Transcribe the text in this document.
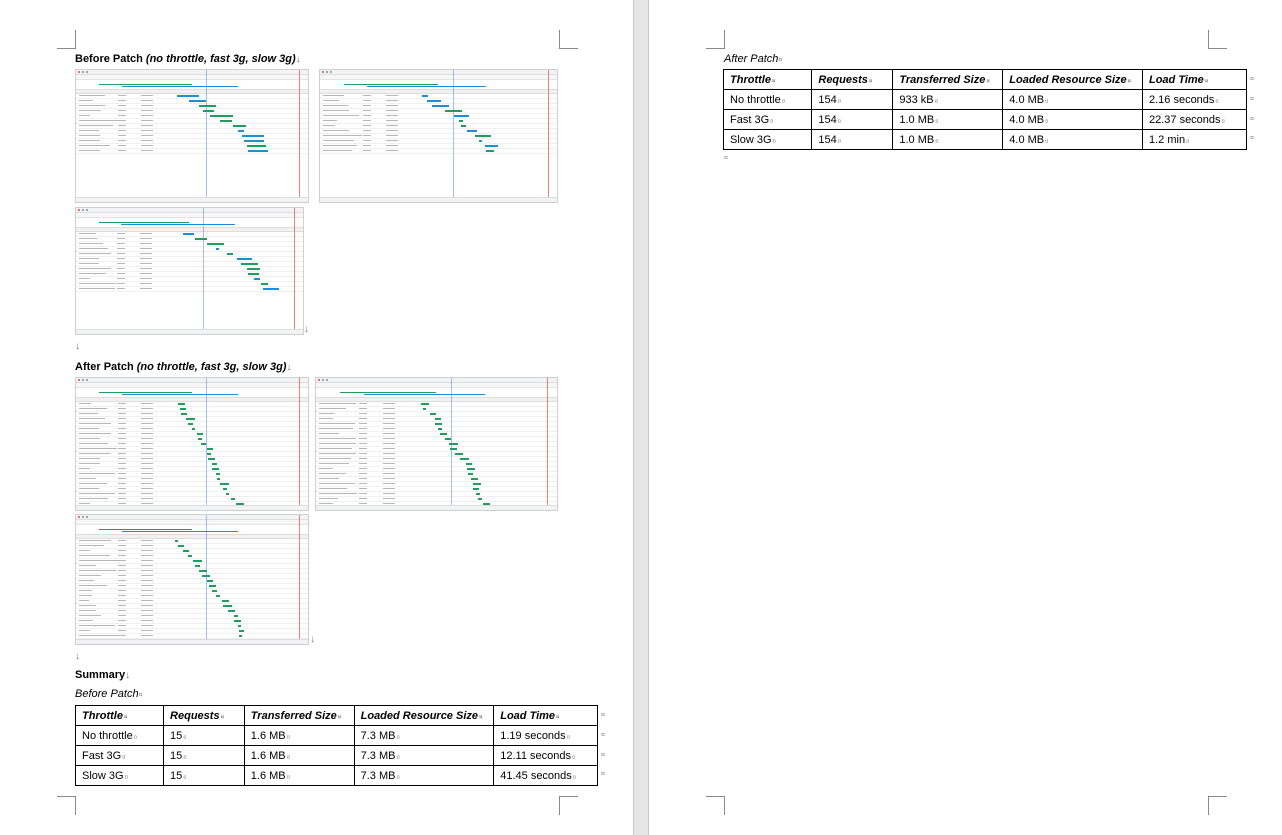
Before Patch (no throttle, fast 3g, slow 3g)↓
↓
↓
After Patch (no throttle, fast 3g, slow 3g)↓
↓
↓
Summary↓
Before Patch¤
Throttle¤	Requests¤	Transferred Size¤	Loaded Resource Size¤	Load Time¤
No throttle¤	15¤	1.6 MB¤	7.3 MB¤	1.19 seconds¤
Fast 3G¤	15¤	1.6 MB¤	7.3 MB¤	12.11 seconds¤
Slow 3G¤	15¤	1.6 MB¤	7.3 MB¤	41.45 seconds¤
¤
¤
¤
¤
After Patch¤
Throttle¤	Requests¤	Transferred Size¤	Loaded Resource Size¤	Load Time¤
No throttle¤	154¤	933 kB¤	4.0 MB¤	2.16 seconds¤
Fast 3G¤	154¤	1.0 MB¤	4.0 MB¤	22.37 seconds¤
Slow 3G¤	154¤	1.0 MB¤	4.0 MB¤	1.2 min¤
¤
¤
¤
¤
¤
